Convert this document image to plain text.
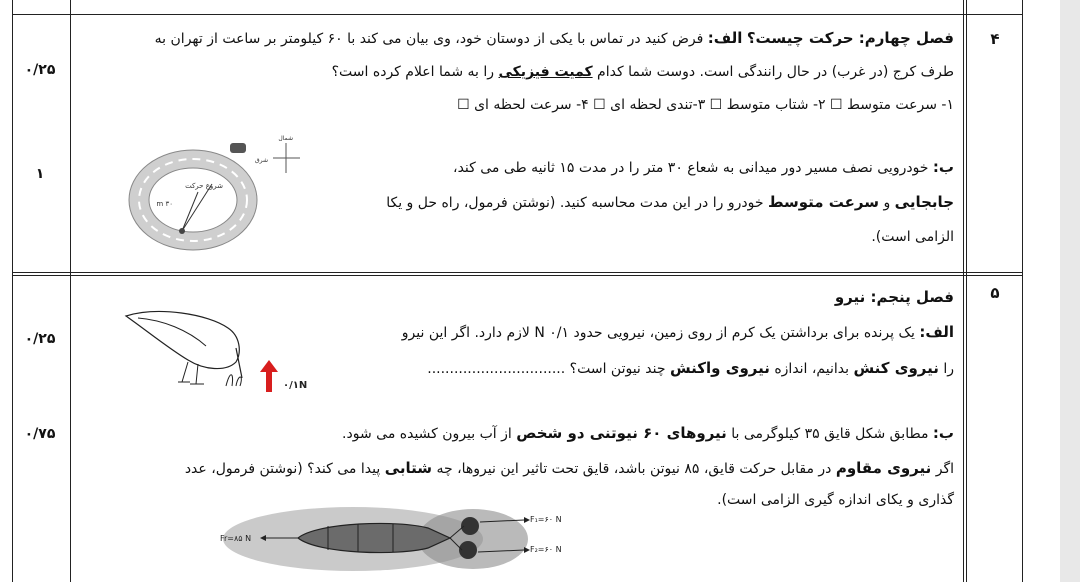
۴
فصل چهارم: حرکت چیست؟ الف: فرض کنید در تماس با یکی از دوستان خود، وی بیان می کند با ۶۰ کیلومتر بر ساعت از تهران به
طرف کرج (در غرب) در حال رانندگی است. دوست شما کدام کمیت فیزیکی را به شما اعلام کرده است؟
۱- سرعت متوسط ☐ ۲- شتاب متوسط ☐ ۳-تندی لحظه ای ☐ ۴- سرعت لحظه ای ☐
۰/۲۵
ب: خودرویی نصف مسیر دور میدانی به شعاع ۳۰ متر را در مدت ۱۵ ثانیه طی می کند،
جابجایی و سرعت متوسط خودرو را در این مدت محاسبه کنید. (نوشتن فرمول، راه حل و یکا
الزامی است).
۱
۳۰ m
شروع حرکت
شمال
شرق
۵
فصل پنجم: نیرو
الف: یک پرنده برای برداشتن یک کرم از روی زمین، نیرویی حدود N ۰/۱ لازم دارد. اگر این نیرو
را نیروی کنش بدانیم، اندازه نیروی واکنش چند نیوتن است؟ ...............................
۰/۲۵
۰/۱N
ب: مطابق شکل قایق ۳۵ کیلوگرمی با نیروهای ۶۰ نیوتنی دو شخص از آب بیرون کشیده می شود.
اگر نیروی مقاوم در مقابل حرکت قایق، ۸۵ نیوتن باشد، قایق تحت تاثیر این نیروها، چه شتابی پیدا می کند؟ (نوشتن فرمول، عدد
گذاری و یکای اندازه گیری الزامی است).
۰/۷۵
F₁=۶۰ N
F₂=۶۰ N
Fr=۸۵ N
